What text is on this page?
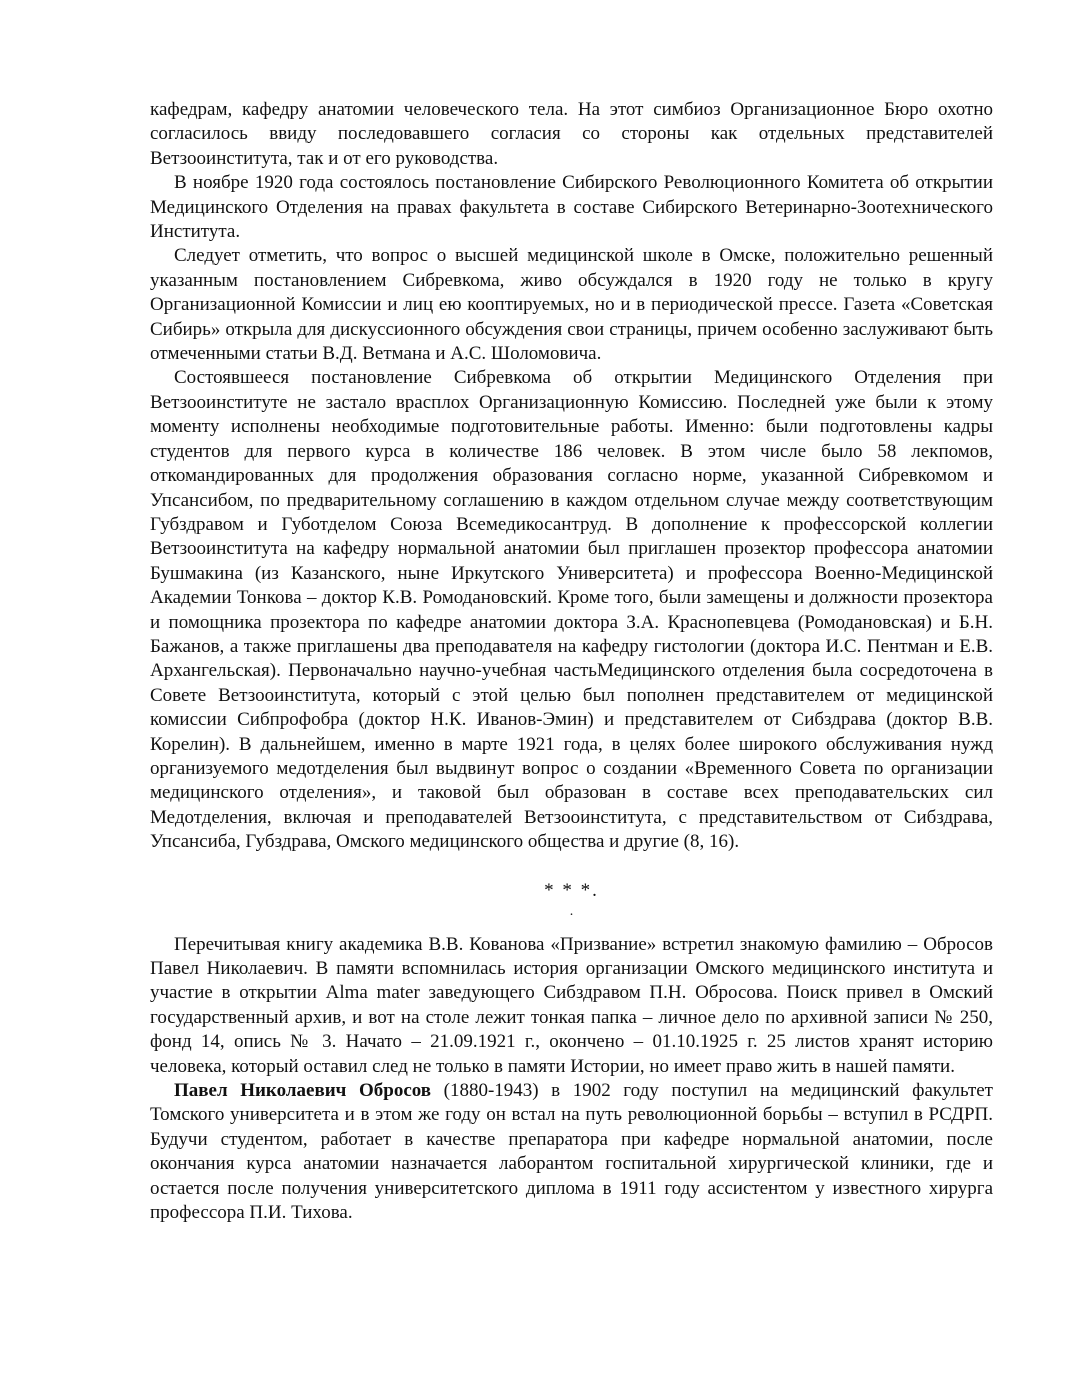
кафедрам, кафедру анатомии человеческого тела. На этот симбиоз Организационное Бюро охотно согласилось ввиду последовавшего согласия со стороны как отдельных представителей Ветзооинститута, так и от его руководства.

В ноябре 1920 года состоялось постановление Сибирского Революционного Комитета об открытии Медицинского Отделения на правах факультета в составе Сибирского Ветеринарно-Зоотехнического Института.

Следует отметить, что вопрос о высшей медицинской школе в Омске, положительно решенный указанным постановлением Сибревкома, живо обсуждался в 1920 году не только в кругу Организационной Комиссии и лиц ею кооптируемых, но и в периодической прессе. Газета «Советская Сибирь» открыла для дискуссионного обсуждения свои страницы, причем особенно заслуживают быть отмеченными статьи В.Д. Ветмана и А.С. Шоломовича.

Состоявшееся постановление Сибревкома об открытии Медицинского Отделения при Ветзооинституте не застало врасплох Организационную Комиссию. Последней уже были к этому моменту исполнены необходимые подготовительные работы. Именно: были подготовлены кадры студентов для первого курса в количестве 186 человек. В этом числе было 58 лекпомов, откомандированных для продолжения образования согласно норме, указанной Сибревкомом и Упсансибом, по предварительному соглашению в каждом отдельном случае между соответствующим Губздравом и Губотделом Союза Всемедикосантруд. В дополнение к профессорской коллегии Ветзооинститута на кафедру нормальной анатомии был приглашен прозектор профессора анатомии Бушмакина (из Казанского, ныне Иркутского Университета) и профессора Военно-Медицинской Академии Тонкова – доктор К.В. Ромодановский. Кроме того, были замещены и должности прозектора и помощника прозектора по кафедре анатомии доктора З.А. Краснопевцева (Ромодановская) и Б.Н. Бажанов, а также приглашены два преподавателя на кафедру гистологии (доктора И.С. Пентман и Е.В. Архангельская). Первоначально научно-учебная частьМедицинского отделения была сосредоточена в Совете Ветзооинститута, который с этой целью был пополнен представителем от медицинской комиссии Сибпрофобра (доктор Н.К. Иванов-Эмин) и представителем от Сибздрава (доктор В.В. Корелин). В дальнейшем, именно в марте 1921 года, в целях более широкого обслуживания нужд организуемого медотделения был выдвинут вопрос о создании «Временного Совета по организации медицинского отделения», и таковой был образован в составе всех преподавательских сил Медотделения, включая и преподавателей Ветзооинститута, с представительством от Сибздрава, Упсансиба, Губздрава, Омского медицинского общества и другие (8, 16).

* * *.
.

Перечитывая книгу академика В.В. Кованова «Призвание» встретил знакомую фамилию – Обросов Павел Николаевич. В памяти вспомнилась история организации Омского медицинского института и участие в открытии Alma mater заведующего Сибздравом П.Н. Обросова. Поиск привел в Омский государственный архив, и вот на столе лежит тонкая папка – личное дело по архивной записи № 250, фонд 14, опись № 3. Начато – 21.09.1921 г., окончено – 01.10.1925 г. 25 листов хранят историю человека, который оставил след не только в памяти Истории, но имеет право жить в нашей памяти.

Павел Николаевич Обросов (1880-1943) в 1902 году поступил на медицинский факультет Томского университета и в этом же году он встал на путь революционной борьбы – вступил в РСДРП. Будучи студентом, работает в качестве препаратора при кафедре нормальной анатомии, после окончания курса анатомии назначается лаборантом госпитальной хирургической клиники, где и остается после получения университетского диплома в 1911 году ассистентом у известного хирурга профессора П.И. Тихова.
